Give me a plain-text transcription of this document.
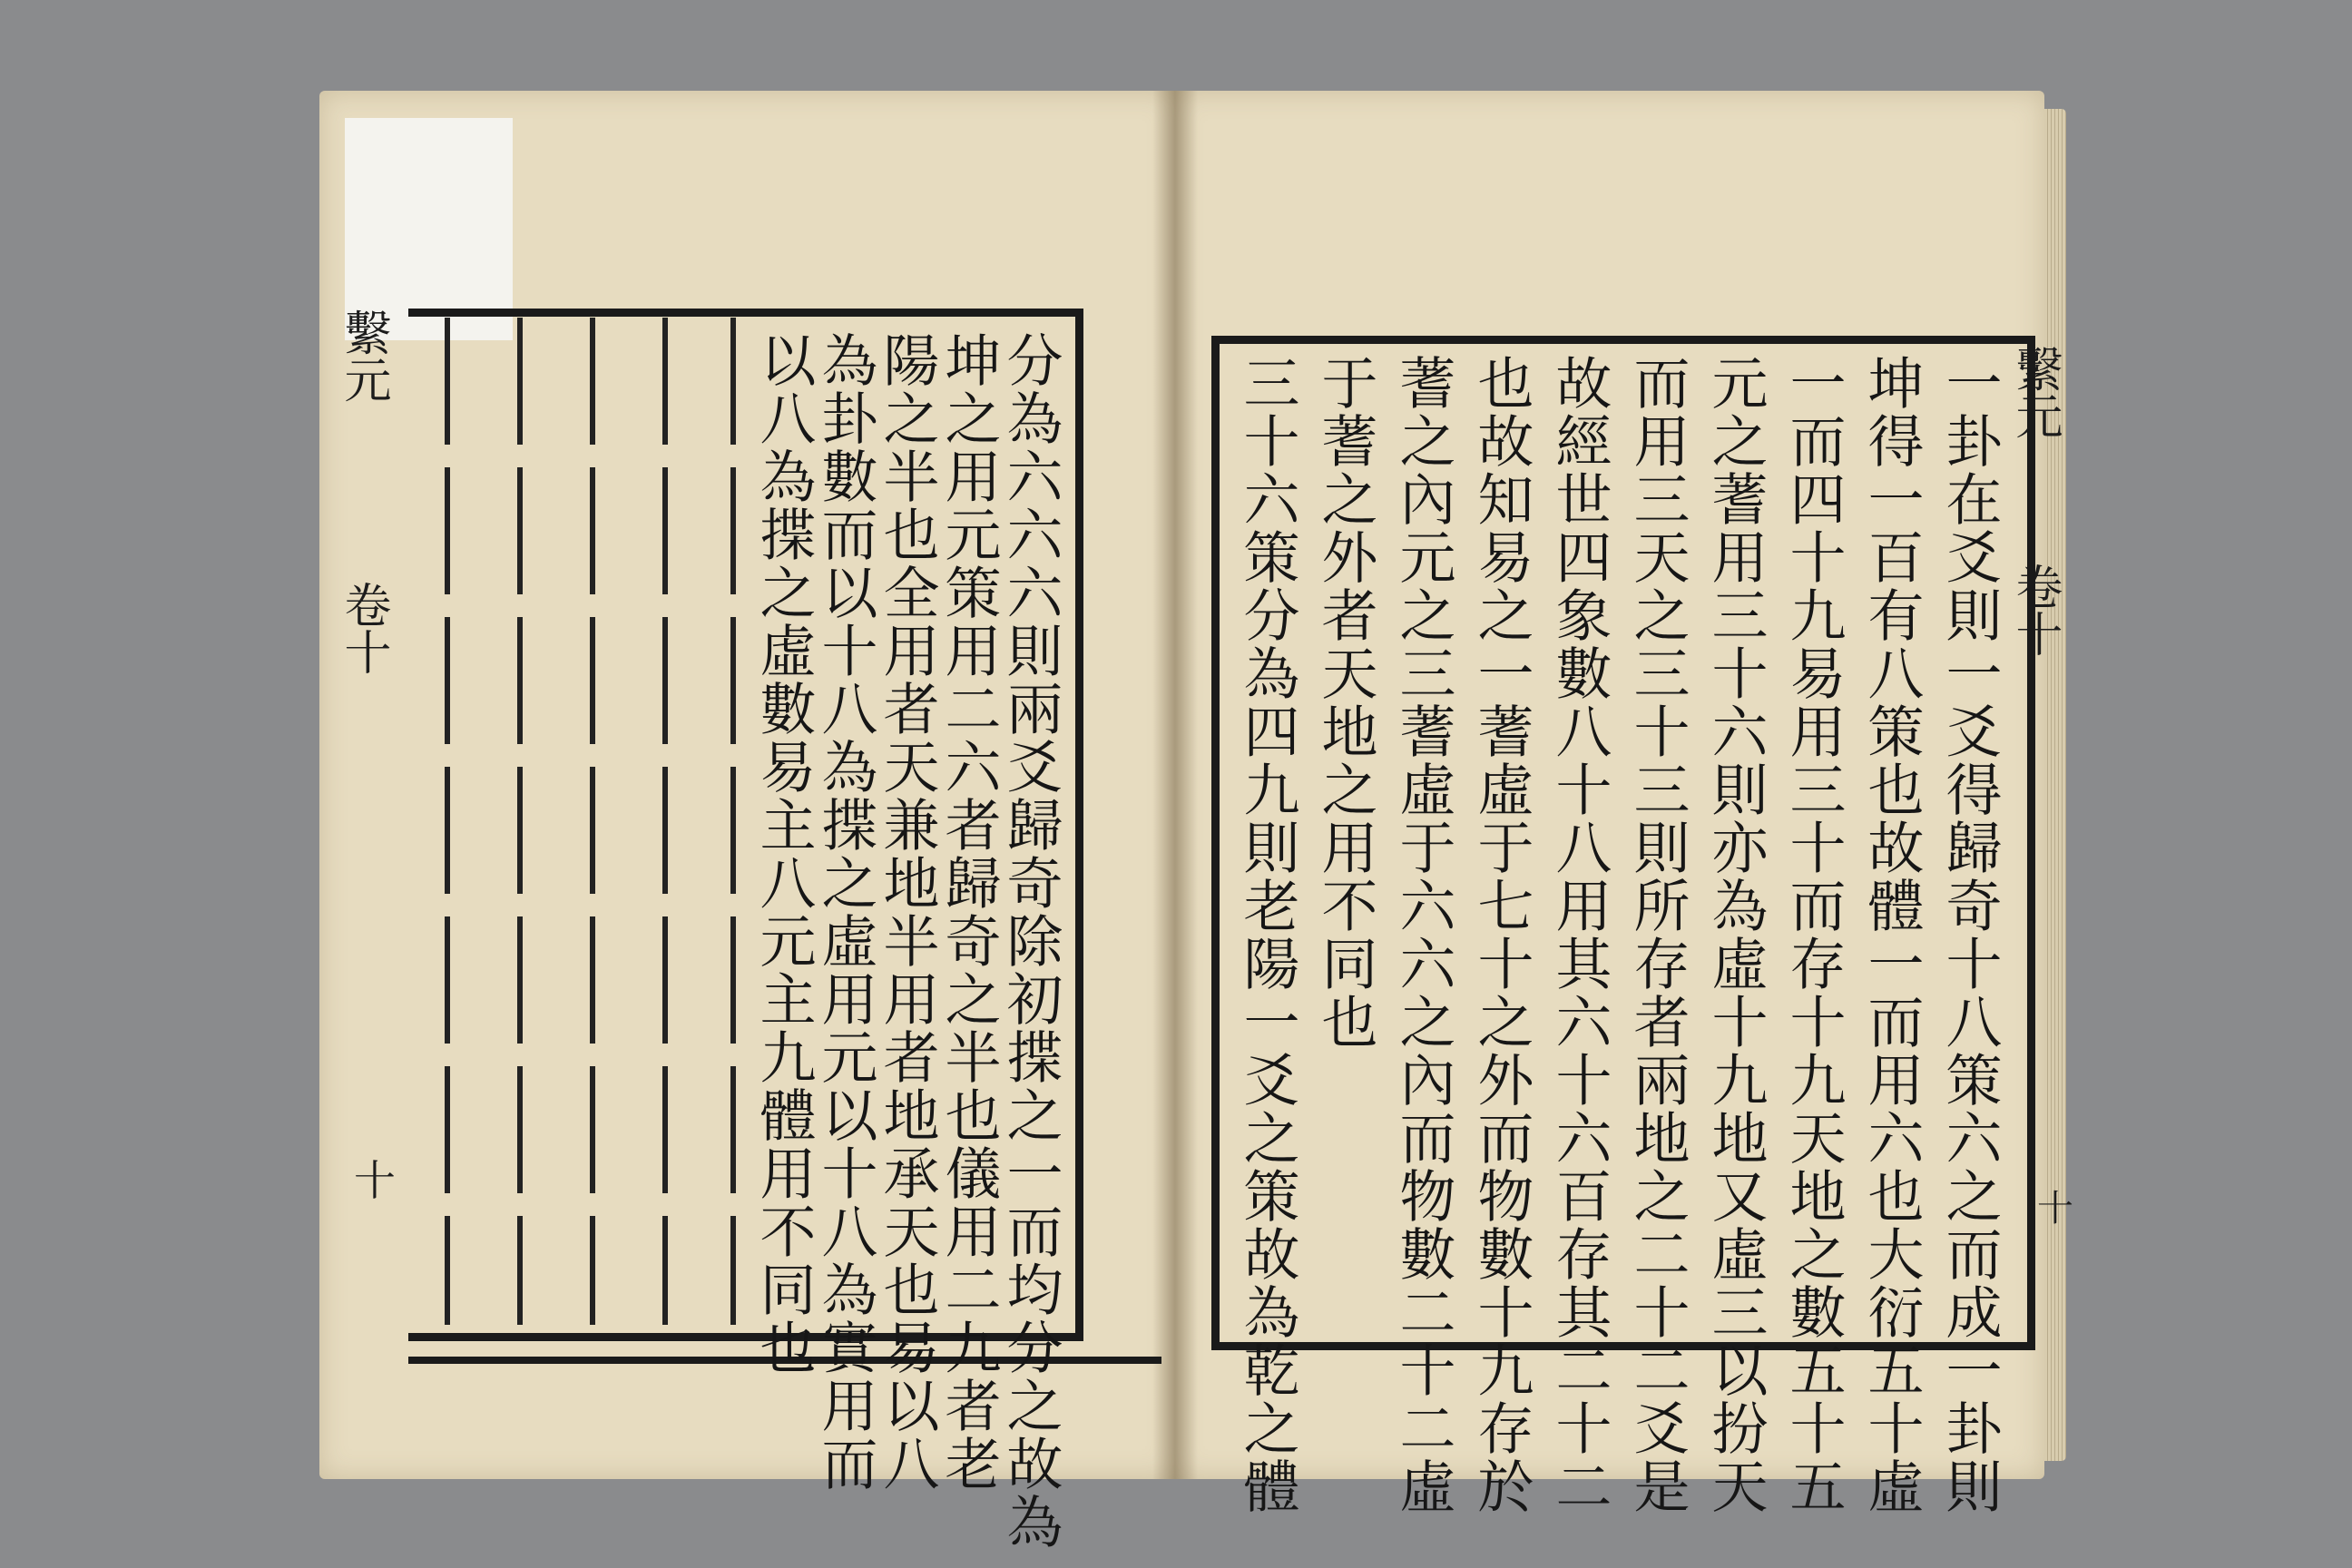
繫元
卷十
十	分為六六六則兩爻歸奇除初揲之一而均分之故為
坤之用元策用二六者歸奇之半也儀用二九者老
陽之半也全用者天兼地半用者地承天也易以八
為卦數而以十八為揲之虛用元以十八為實用而
以八為揲之虛數易主八元主九體用不同也	繫元
卷十
十
一卦在爻則一爻得歸奇十八策六之而成一卦則
坤得一百有八策也故體一而用六也大衍五十虛
一而四十九易用三十而存十九天地之數五十五
元之蓍用三十六則亦為虛十九地又虛三以扮天
而用三天之三十三則所存者兩地之二十二爻是
故經世四象數八十八用其六十六百存其二十二
也故知易之一蓍虛于七十之外而物數十九存於
蓍之內元之三蓍虛于六六之內而物數二十二虛
于蓍之外者天地之用不同也
三十六策分為四九則老陽一爻之策故為乾之體
